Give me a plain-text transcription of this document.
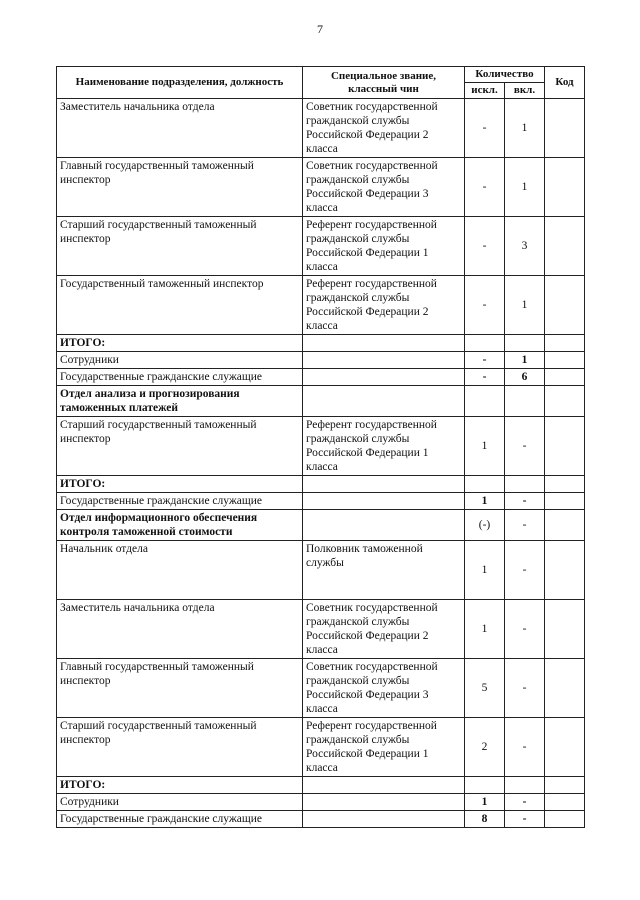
7
Наименование подразделения, должность	Специальное звание, классный чин	Количество		Код
		искл.	вкл.	
Заместитель начальника отдела	Советник государственной гражданской службы Российской Федерации 2 класса	-	1	
Главный государственный таможенный инспектор	Советник государственной гражданской службы Российской Федерации 3 класса	-	1	
Старший государственный таможенный инспектор	Референт государственной гражданской службы Российской Федерации 1 класса	-	3	
Государственный таможенный инспектор	Референт государственной гражданской службы Российской Федерации 2 класса	-	1	
ИТОГО:				
Сотрудники		-	1	
Государственные гражданские служащие		-	6	
Отдел анализа и прогнозирования таможенных платежей				
Старший государственный таможенный инспектор	Референт государственной гражданской службы Российской Федерации 1 класса	1	-	
ИТОГО:				
Государственные гражданские служащие		1	-	
Отдел информационного обеспечения контроля таможенной стоимости		(-)	-	
Начальник отдела	Полковник таможенной службы	1	-	
Заместитель начальника отдела	Советник государственной гражданской службы Российской Федерации 2 класса	1	-	
Главный государственный таможенный инспектор	Советник государственной гражданской службы Российской Федерации 3 класса	5	-	
Старший государственный таможенный инспектор	Референт государственной гражданской службы Российской Федерации 1 класса	2	-	
ИТОГО:				
Сотрудники		1	-	
Государственные гражданские служащие		8	-	
